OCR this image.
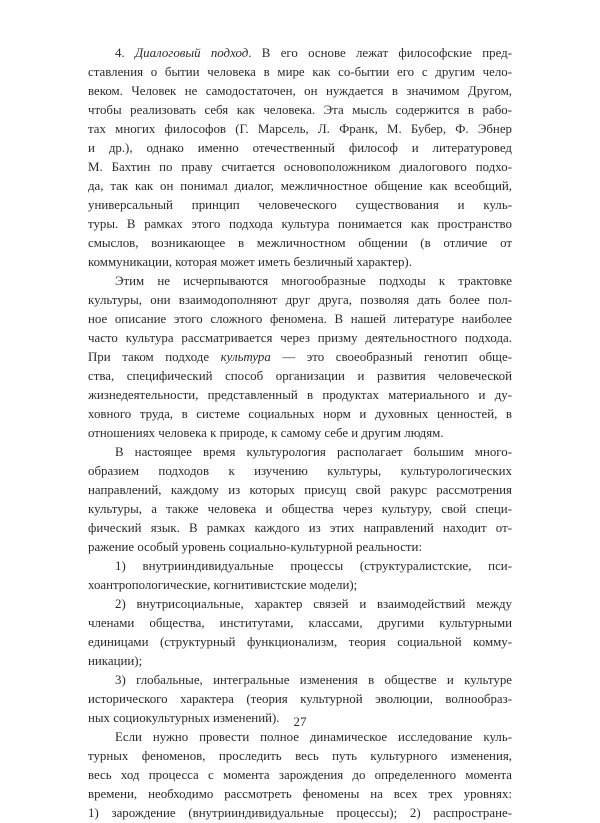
4. Диалоговый подход. В его основе лежат философские пред-
ставления о бытии человека в мире как со-бытии его с другим чело-
веком. Человек не самодостаточен, он нуждается в значимом Другом,
чтобы реализовать себя как человека. Эта мысль содержится в рабо-
тах многих философов (Г. Марсель, Л. Франк, М. Бубер, Ф. Эбнер
и др.), однако именно отечественный философ и литературовед
М. Бахтин по праву считается основоположником диалогового подхо-
да, так как он понимал диалог, межличностное общение как всеобщий,
универсальный принцип человеческого существования и куль-
туры. В рамках этого подхода культура понимается как пространство
смыслов, возникающее в межличностном общении (в отличие от
коммуникации, которая может иметь безличный характер).
Этим не исчерпываются многообразные подходы к трактовке
культуры, они взаимодополняют друг друга, позволяя дать более пол-
ное описание этого сложного феномена. В нашей литературе наиболее
часто культура рассматривается через призму деятельностного подхода.
При таком подходе культура — это своеобразный генотип обще-
ства, специфический способ организации и развития человеческой
жизнедеятельности, представленный в продуктах материального и ду-
ховного труда, в системе социальных норм и духовных ценностей, в
отношениях человека к природе, к самому себе и другим людям.
В настоящее время культурология располагает большим много-
образием подходов к изучению культуры, культурологических
направлений, каждому из которых присущ свой ракурс рассмотрения
культуры, а также человека и общества через культуру, свой специ-
фический язык. В рамках каждого из этих направлений находит от-
ражение особый уровень социально-культурной реальности:
1) внутрииндивидуальные процессы (структуралистские, пси-
хоантропологические, когнитивистские модели);
2) внутрисоциальные, характер связей и взаимодействий между
членами общества, институтами, классами, другими культурными
единицами (структурный функционализм, теория социальной комму-
никации);
3) глобальные, интегральные изменения в обществе и культуре
исторического характера (теория культурной эволюции, волнообраз-
ных социокультурных изменений).
Если нужно провести полное динамическое исследование куль-
турных феноменов, проследить весь путь культурного изменения,
весь ход процесса с момента зарождения до определенного момента
времени, необходимо рассмотреть феномены на всех трех уровнях:
1) зарождение (внутрииндивидуальные процессы); 2) распростране-
27
